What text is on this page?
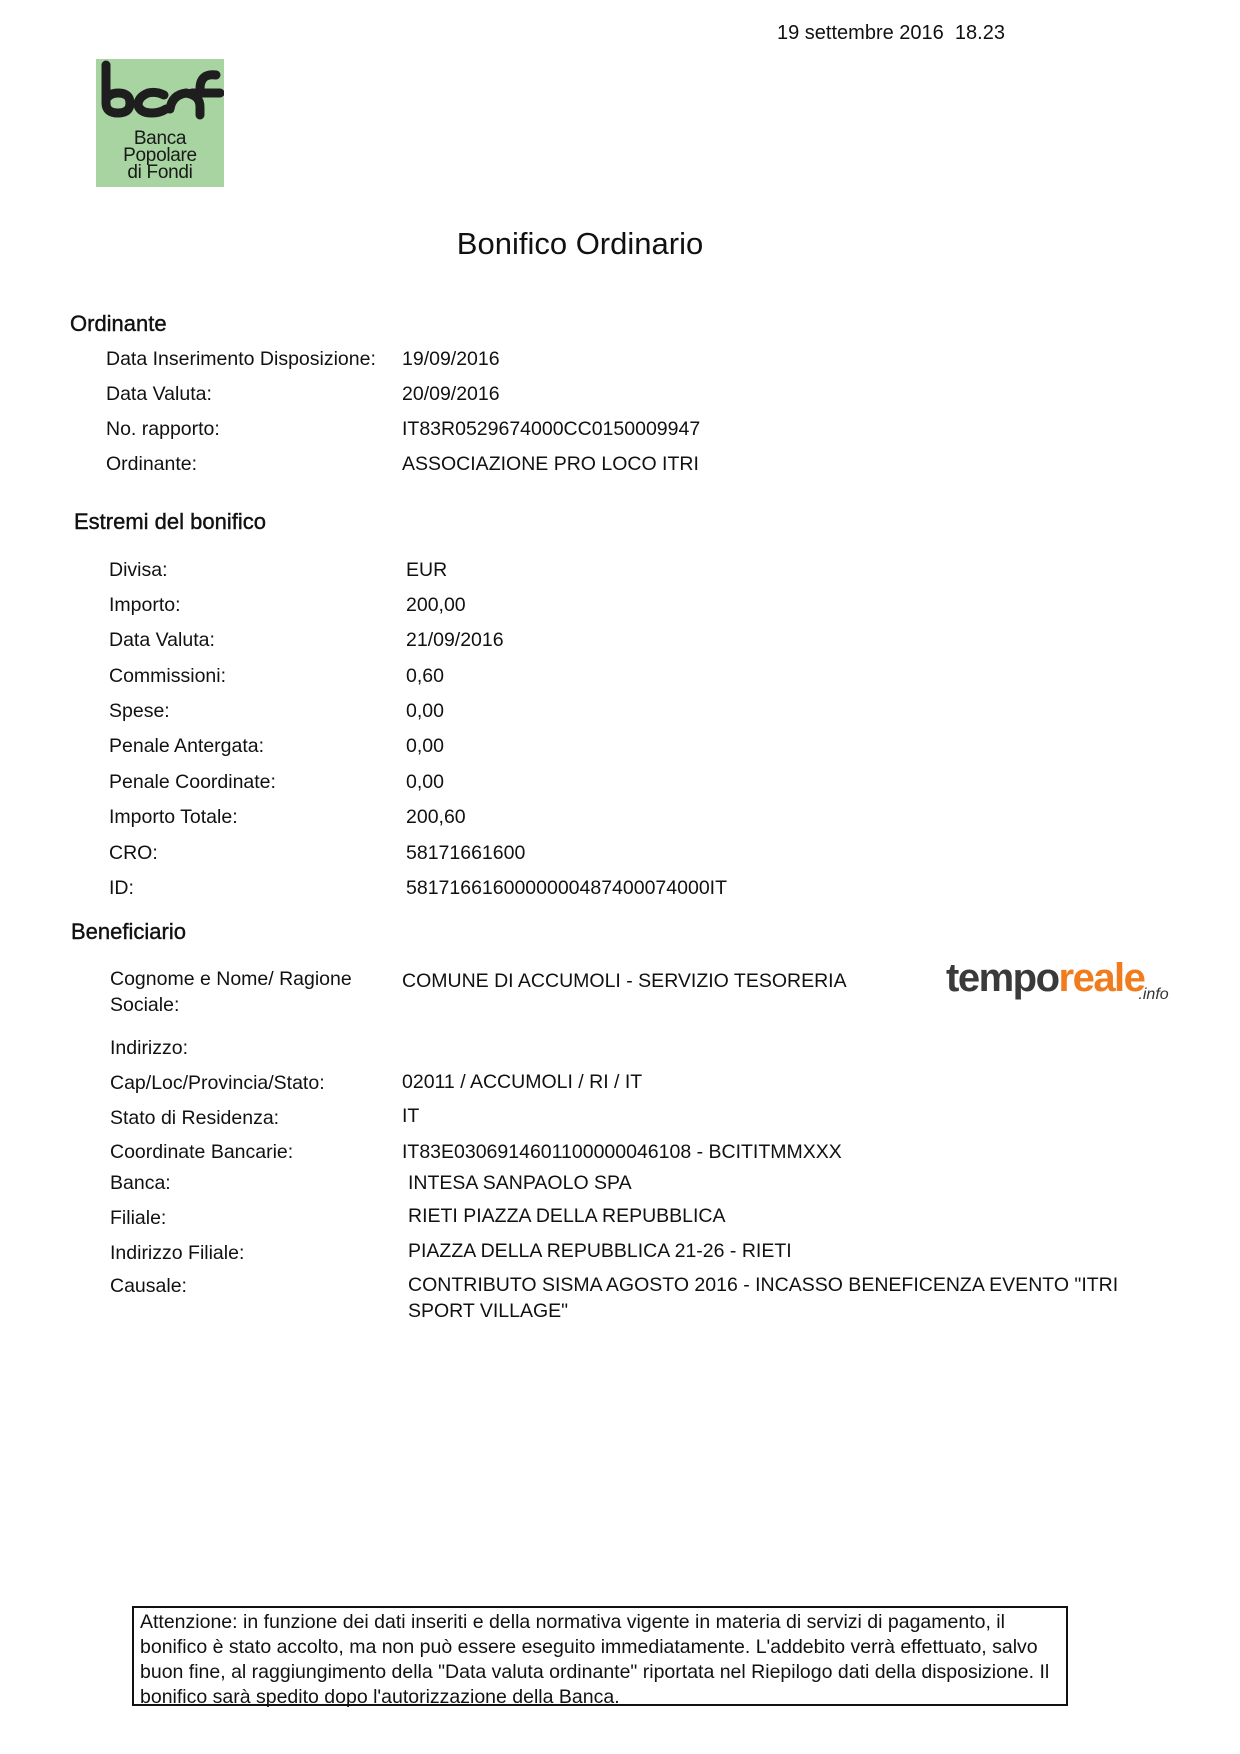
19 settembre 2016  18.23
Banca
Popolare
di Fondi
Bonifico Ordinario
Ordinante
Data Inserimento Disposizione: 19/09/2016
Data Valuta:	20/09/2016
No. rapporto:	IT83R0529674000CC0150009947
Ordinante:	ASSOCIAZIONE PRO LOCO ITRI
Estremi del bonifico
Divisa:	EUR
Importo:	200,00
Data Valuta:	21/09/2016
Commissioni:	0,60
Spese:	0,00
Penale Antergata:	0,00
Penale Coordinate:	0,00
Importo Totale:	200,60
CRO:	58171661600
ID:	5817166160000000487400074000IT
Beneficiario
Cognome e Nome/ Ragione Sociale:
COMUNE DI ACCUMOLI - SERVIZIO TESORERIA
Indirizzo:
Cap/Loc/Provincia/Stato:	02011 / ACCUMOLI / RI / IT
Stato di Residenza:	IT
Coordinate Bancarie:	IT83E0306914601100000046108 - BCITITMMXXX
Banca:	INTESA SANPAOLO SPA
Filiale:	RIETI PIAZZA DELLA REPUBBLICA
Indirizzo Filiale:	PIAZZA DELLA REPUBBLICA 21-26 - RIETI
Causale:	CONTRIBUTO SISMA AGOSTO 2016 - INCASSO BENEFICENZA EVENTO "ITRI SPORT VILLAGE"
temporeale$_{.info}$
Attenzione: in funzione dei dati inseriti e della normativa vigente in materia di servizi di pagamento, il bonifico è stato accolto, ma non può essere eseguito immediatamente. L'addebito verrà effettuato, salvo buon fine, al raggiungimento della "Data valuta ordinante" riportata nel Riepilogo dati della disposizione. Il bonifico sarà spedito dopo l'autorizzazione della Banca.
